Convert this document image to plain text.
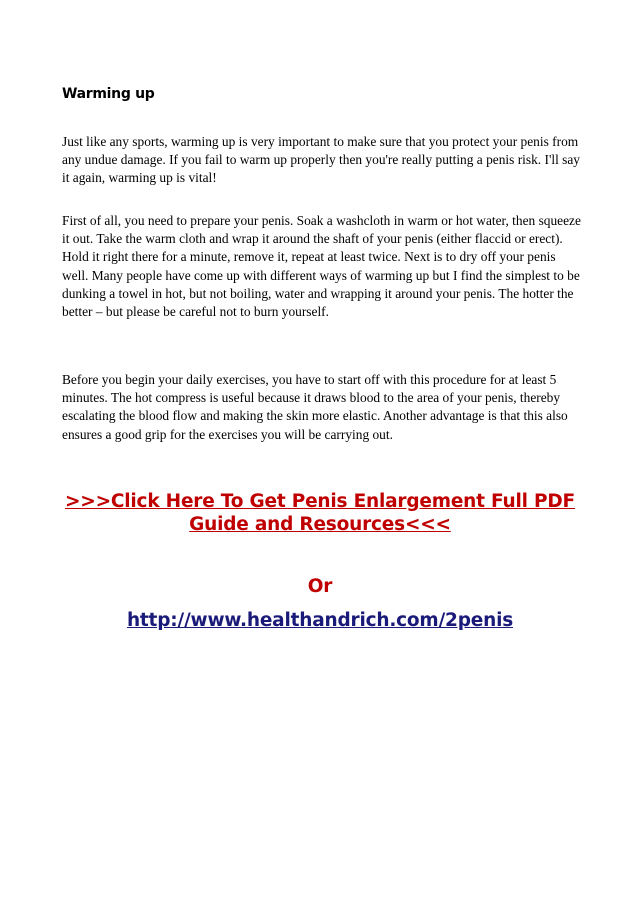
Warming up

Just like any sports, warming up is very important to make sure that you protect your penis from any undue damage. If you fail to warm up properly then you're really putting a penis risk. I'll say it again, warming up is vital!

First of all, you need to prepare your penis. Soak a washcloth in warm or hot water, then squeeze it out. Take the warm cloth and wrap it around the shaft of your penis (either flaccid or erect). Hold it right there for a minute, remove it, repeat at least twice. Next is to dry off your penis well. Many people have come up with different ways of warming up but I find the simplest to be dunking a towel in hot, but not boiling, water and wrapping it around your penis. The hotter the better – but please be careful not to burn yourself.

Before you begin your daily exercises, you have to start off with this procedure for at least 5 minutes. The hot compress is useful because it draws blood to the area of your penis, thereby escalating the blood flow and making the skin more elastic. Another advantage is that this also ensures a good grip for the exercises you will be carrying out.

>>>Click Here To Get Penis Enlargement Full PDF Guide and Resources<<<
Or
http://www.healthandrich.com/2penis
